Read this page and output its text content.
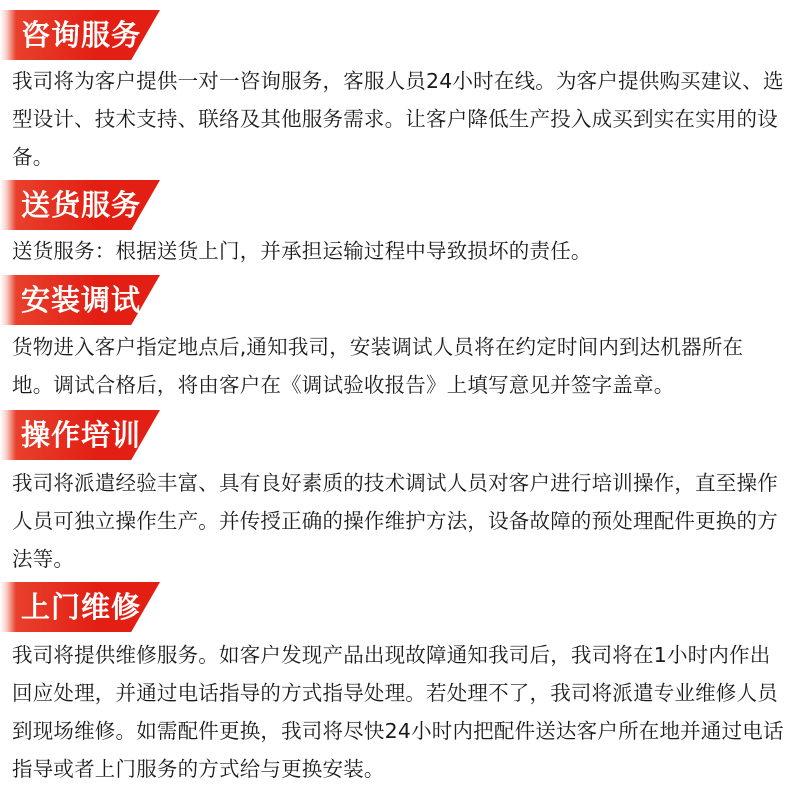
咨询服务
我司将为客户提供一对一咨询服务，客服人员24小时在线。为客户提供购买建议、选型设计、技术支持、联络及其他服务需求。让客户降低生产投入成买到实在实用的设备。
送货服务
送货服务：根据送货上门，并承担运输过程中导致损坏的责任。
安装调试
货物进入客户指定地点后,通知我司，安装调试人员将在约定时间内到达机器所在地。调试合格后，将由客户在《调试验收报告》上填写意见并签字盖章。
操作培训
我司将派遣经验丰富、具有良好素质的技术调试人员对客户进行培训操作，直至操作人员可独立操作生产。并传授正确的操作维护方法，设备故障的预处理配件更换的方法等。
上门维修
我司将提供维修服务。如客户发现产品出现故障通知我司后，我司将在1小时内作出回应处理，并通过电话指导的方式指导处理。若处理不了，我司将派遣专业维修人员到现场维修。如需配件更换，我司将尽快24小时内把配件送达客户所在地并通过电话指导或者上门服务的方式给与更换安装。
